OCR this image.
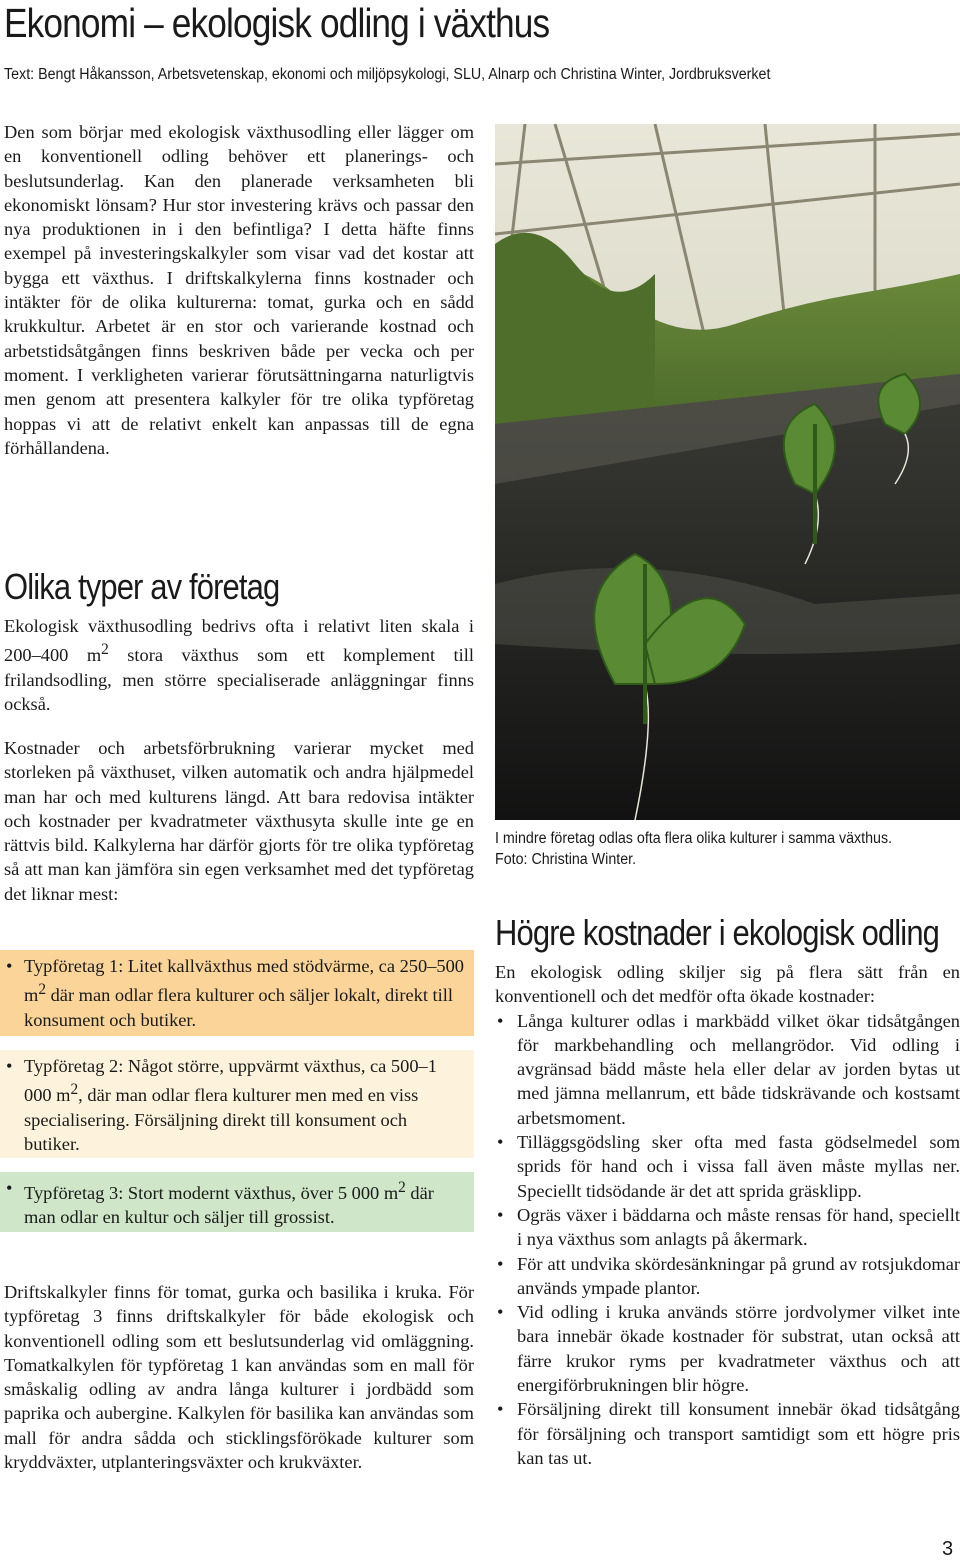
Ekonomi – ekologisk odling i växthus
Text: Bengt Håkansson, Arbetsvetenskap, ekonomi och miljöpsykologi, SLU, Alnarp och Christina Winter, Jordbruksverket

Den som börjar med ekologisk växthusodling eller lägger om en konventionell odling behöver ett planerings- och beslutsunderlag. Kan den planerade verksamheten bli ekonomiskt lönsam? Hur stor investering krävs och passar den nya produktionen in i den befintliga? I detta häfte finns exempel på investeringskalkyler som visar vad det kostar att bygga ett växthus. I driftskalkylerna finns kostnader och intäkter för de olika kulturerna: tomat, gurka och en sådd krukkultur. Arbetet är en stor och varierande kostnad och arbetstidsåtgången finns beskriven både per vecka och per moment. I verkligheten varierar förutsättningarna naturligtvis men genom att presentera kalkyler för tre olika typföretag hoppas vi att de relativt enkelt kan anpassas till de egna förhållandena.

Olika typer av företag

Ekologisk växthusodling bedrivs ofta i relativt liten skala i 200–400 $m^2$ stora växthus som ett komplement till frilandsodling, men större specialiserade anläggningar finns också.

Kostnader och arbetsförbrukning varierar mycket med storleken på växthuset, vilken automatik och andra hjälpmedel man har och med kulturens längd. Att bara redovisa intäkter och kostnader per kvadratmeter växthusyta skulle inte ge en rättvis bild. Kalkylerna har därför gjorts för tre olika typföretag så att man kan jämföra sin egen verksamhet med det typföretag det liknar mest:

• Typföretag 1: Litet kallväxthus med stödvärme, ca 250–500 $m^2$ där man odlar flera kulturer och säljer lokalt, direkt till konsument och butiker.
• Typföretag 2: Något större, uppvärmt växthus, ca 500–1 000 $m^2$, där man odlar flera kulturer men med en viss specialisering. Försäljning direkt till konsument och butiker.
• Typföretag 3: Stort modernt växthus, över 5 000 $m^2$ där man odlar en kultur och säljer till grossist.

Driftskalkyler finns för tomat, gurka och basilika i kruka. För typföretag 3 finns driftskalkyler för både ekologisk och konventionell odling som ett beslutsunderlag vid omläggning. Tomatkalkylen för typföretag 1 kan användas som en mall för småskalig odling av andra långa kulturer i jordbädd som paprika och aubergine. Kalkylen för basilika kan användas som mall för andra sådda och sticklingsförökade kulturer som kryddväxter, utplanteringsväxter och krukväxter.

I mindre företag odlas ofta flera olika kulturer i samma växthus.
Foto: Christina Winter.
Högre kostnader i ekologisk odling

En ekologisk odling skiljer sig på flera sätt från en konventionell och det medför ofta ökade kostnader:

• Långa kulturer odlas i markbädd vilket ökar tidsåtgången för markbehandling och mellangrödor. Vid odling i avgränsad bädd måste hela eller delar av jorden bytas ut med jämna mellanrum, ett både tidskrävande och kostsamt arbetsmoment.
• Tilläggsgödsling sker ofta med fasta gödselmedel som sprids för hand och i vissa fall även måste myllas ner. Speciellt tidsödande är det att sprida gräsklipp.
• Ogräs växer i bäddarna och måste rensas för hand, speciellt i nya växthus som anlagts på åkermark.
• För att undvika skördesänkningar på grund av rotsjukdomar används ympade plantor.
• Vid odling i kruka används större jordvolymer vilket inte bara innebär ökade kostnader för substrat, utan också att färre krukor ryms per kvadratmeter växthus och att energiförbrukningen blir högre.
• Försäljning direkt till konsument innebär ökad tidsåtgång för försäljning och transport samtidigt som ett högre pris kan tas ut.
3
